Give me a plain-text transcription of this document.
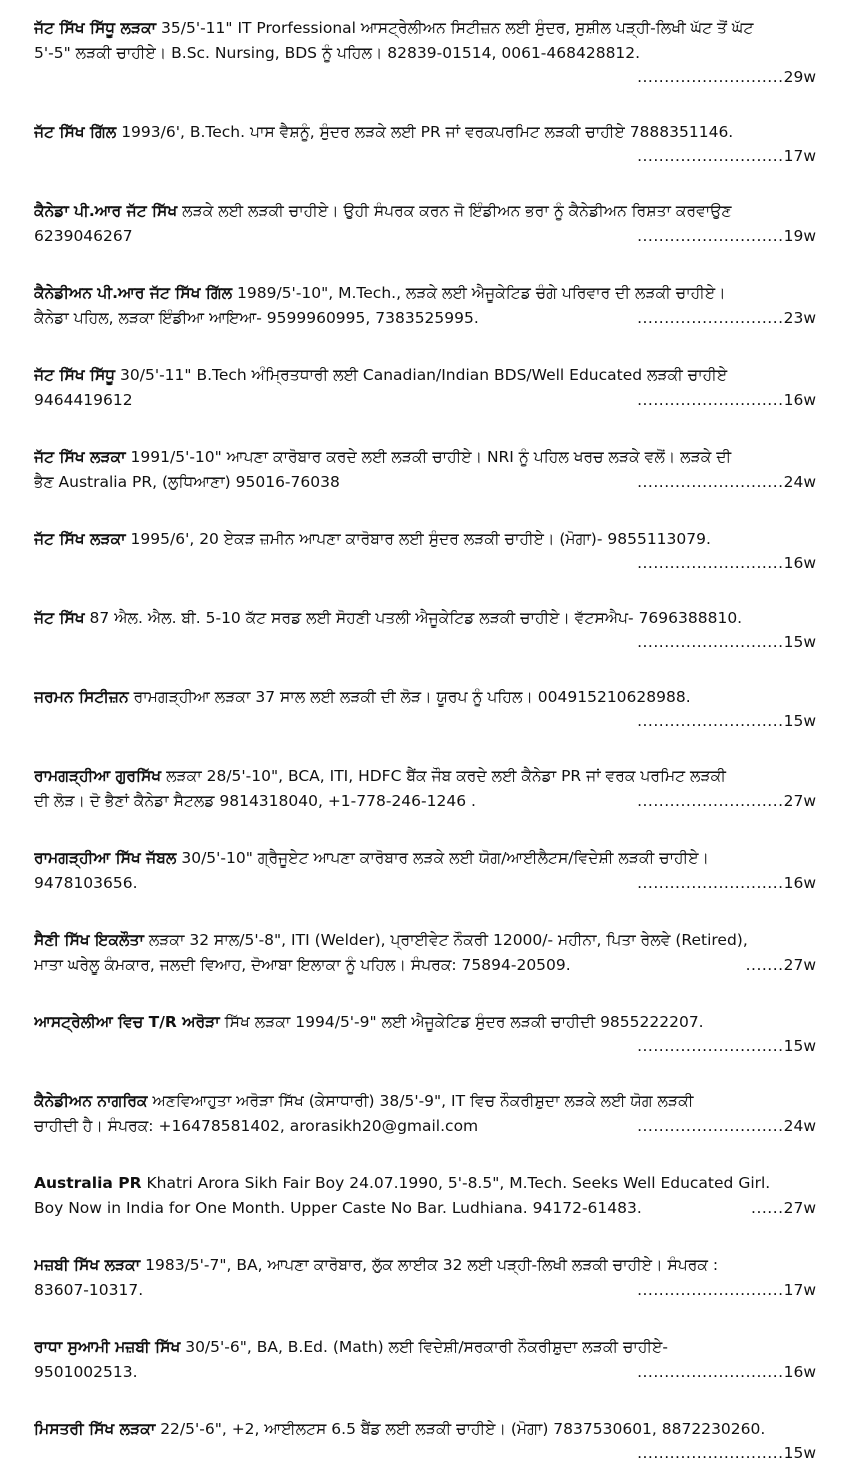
ਜੱਟ ਸਿੱਖ ਸਿੱਧੂ ਲੜਕਾ 35/5'-11" IT Prorfessional ਆਸਟ੍ਰੇਲੀਅਨ ਸਿਟੀਜ਼ਨ ਲਈ ਸੁੰਦਰ, ਸੁਸ਼ੀਲ ਪੜ੍ਹੀ-ਲਿਖੀ ਘੱਟ ਤੋਂ ਘੱਟ
5'-5" ਲੜਕੀ ਚਾਹੀਏ। B.Sc. Nursing, BDS ਨੂੰ ਪਹਿਲ। 82839-01514, 0061-468428812.
...........................29w
ਜੱਟ ਸਿੱਖ ਗਿੱਲ 1993/6', B.Tech. ਪਾਸ ਵੈਸ਼ਨੂੰ, ਸੁੰਦਰ ਲੜਕੇ ਲਈ PR ਜਾਂ ਵਰਕਪਰਮਿਟ ਲੜਕੀ ਚਾਹੀਏ 7888351146.
...........................17w
ਕੈਨੇਡਾ ਪੀ.ਆਰ ਜੱਟ ਸਿੱਖ ਲੜਕੇ ਲਈ ਲੜਕੀ ਚਾਹੀਏ। ਉਹੀ ਸੰਪਰਕ ਕਰਨ ਜੋ ਇੰਡੀਅਨ ਭਰਾ ਨੂੰ ਕੈਨੇਡੀਅਨ ਰਿਸ਼ਤਾ ਕਰਵਾਉਣ
6239046267	...........................19w
ਕੈਨੇਡੀਅਨ ਪੀ.ਆਰ ਜੱਟ ਸਿੱਖ ਗਿੱਲ 1989/5'-10", M.Tech., ਲੜਕੇ ਲਈ ਐਜੂਕੇਟਿਡ ਚੰਗੇ ਪਰਿਵਾਰ ਦੀ ਲੜਕੀ ਚਾਹੀਏ।
ਕੈਨੇਡਾ ਪਹਿਲ, ਲੜਕਾ ਇੰਡੀਆ ਆਇਆ- 9599960995, 7383525995.	...........................23w
ਜੱਟ ਸਿੱਖ ਸਿੱਧੂ 30/5'-11" B.Tech ਅੰਮ੍ਰਿਤਧਾਰੀ ਲਈ Canadian/Indian BDS/Well Educated ਲੜਕੀ ਚਾਹੀਏ
9464419612	...........................16w
ਜੱਟ ਸਿੱਖ ਲੜਕਾ 1991/5'-10" ਆਪਣਾ ਕਾਰੋਬਾਰ ਕਰਦੇ ਲਈ ਲੜਕੀ ਚਾਹੀਏ। NRI ਨੂੰ ਪਹਿਲ ਖਰਚ ਲੜਕੇ ਵਲੋਂ। ਲੜਕੇ ਦੀ
ਭੈਣ Australia PR, (ਲੁਧਿਆਣਾ) 95016-76038	...........................24w
ਜੱਟ ਸਿੱਖ ਲੜਕਾ 1995/6', 20 ਏਕੜ ਜ਼ਮੀਨ ਆਪਣਾ ਕਾਰੋਬਾਰ ਲਈ ਸੁੰਦਰ ਲੜਕੀ ਚਾਹੀਏ। (ਮੋਗਾ)- 9855113079.
...........................16w
ਜੱਟ ਸਿੱਖ 87 ਐਲ. ਐਲ. ਬੀ. 5-10 ਕੱਟ ਸਰਡ ਲਈ ਸੋਹਣੀ ਪਤਲੀ ਐਜੂਕੇਟਿਡ ਲੜਕੀ ਚਾਹੀਏ। ਵੱਟਸਐਪ- 7696388810.
...........................15w
ਜਰਮਨ ਸਿਟੀਜ਼ਨ ਰਾਮਗੜ੍ਹੀਆ ਲੜਕਾ 37 ਸਾਲ ਲਈ ਲੜਕੀ ਦੀ ਲੋੜ। ਯੂਰਪ ਨੂੰ ਪਹਿਲ। 004915210628988.
...........................15w
ਰਾਮਗੜ੍ਹੀਆ ਗੁਰਸਿੱਖ ਲੜਕਾ 28/5'-10", BCA, ITI, HDFC ਬੈਂਕ ਜੌਬ ਕਰਦੇ ਲਈ ਕੈਨੇਡਾ PR ਜਾਂ ਵਰਕ ਪਰਮਿਟ ਲੜਕੀ
ਦੀ ਲੋੜ। ਦੋ ਭੈਣਾਂ ਕੈਨੇਡਾ ਸੈਟਲਡ 9814318040, +1-778-246-1246 .	...........................27w
ਰਾਮਗੜ੍ਹੀਆ ਸਿੱਖ ਜੱਬਲ 30/5'-10" ਗ੍ਰੈਜੂਏਟ ਆਪਣਾ ਕਾਰੋਬਾਰ ਲੜਕੇ ਲਈ ਯੋਗ/ਆਈਲੈਟਸ/ਵਿਦੇਸ਼ੀ ਲੜਕੀ ਚਾਹੀਏ।
9478103656.	...........................16w
ਸੈਣੀ ਸਿੱਖ ਇਕਲੌਤਾ ਲੜਕਾ 32 ਸਾਲ/5'-8", ITI (Welder), ਪ੍ਰਾਈਵੇਟ ਨੌਕਰੀ 12000/- ਮਹੀਨਾ, ਪਿਤਾ ਰੇਲਵੇ (Retired),
ਮਾਤਾ ਘਰੇਲੂ ਕੰਮਕਾਰ, ਜਲਦੀ ਵਿਆਹ, ਦੋਆਬਾ ਇਲਾਕਾ ਨੂੰ ਪਹਿਲ। ਸੰਪਰਕ: 75894-20509.	.......27w
ਆਸਟ੍ਰੇਲੀਆ ਵਿਚ T/R ਅਰੋੜਾ ਸਿੱਖ ਲੜਕਾ 1994/5'-9" ਲਈ ਐਜੂਕੇਟਿਡ ਸੁੰਦਰ ਲੜਕੀ ਚਾਹੀਦੀ 9855222207.
...........................15w
ਕੈਨੇਡੀਅਨ ਨਾਗਰਿਕ ਅਣਵਿਆਹੁਤਾ ਅਰੋੜਾ ਸਿੱਖ (ਕੇਸਾਧਾਰੀ) 38/5'-9", IT ਵਿਚ ਨੌਕਰੀਸ਼ੁਦਾ ਲੜਕੇ ਲਈ ਯੋਗ ਲੜਕੀ
ਚਾਹੀਦੀ ਹੈ। ਸੰਪਰਕ: +16478581402, arorasikh20@gmail.com	...........................24w
Australia PR Khatri Arora Sikh Fair Boy 24.07.1990, 5'-8.5", M.Tech. Seeks Well Educated Girl.
Boy Now in India for One Month. Upper Caste No Bar. Ludhiana. 94172-61483.	......27w
ਮਜ਼ਬੀ ਸਿੱਖ ਲੜਕਾ 1983/5'-7", BA, ਆਪਣਾ ਕਾਰੋਬਾਰ, ਲੁੱਕ ਲਾਈਕ 32 ਲਈ ਪੜ੍ਹੀ-ਲਿਖੀ ਲੜਕੀ ਚਾਹੀਏ। ਸੰਪਰਕ :
83607-10317.	...........................17w
ਰਾਧਾ ਸੁਆਮੀ ਮਜ਼ਬੀ ਸਿੱਖ 30/5'-6", BA, B.Ed. (Math) ਲਈ ਵਿਦੇਸ਼ੀ/ਸਰਕਾਰੀ ਨੌਕਰੀਸ਼ੁਦਾ ਲੜਕੀ ਚਾਹੀਏ-
9501002513.	...........................16w
ਮਿਸਤਰੀ ਸਿੱਖ ਲੜਕਾ 22/5'-6", +2, ਆਈਲਟਸ 6.5 ਬੈਂਡ ਲਈ ਲੜਕੀ ਚਾਹੀਏ। (ਮੋਗਾ) 7837530601, 8872230260.
...........................15w
